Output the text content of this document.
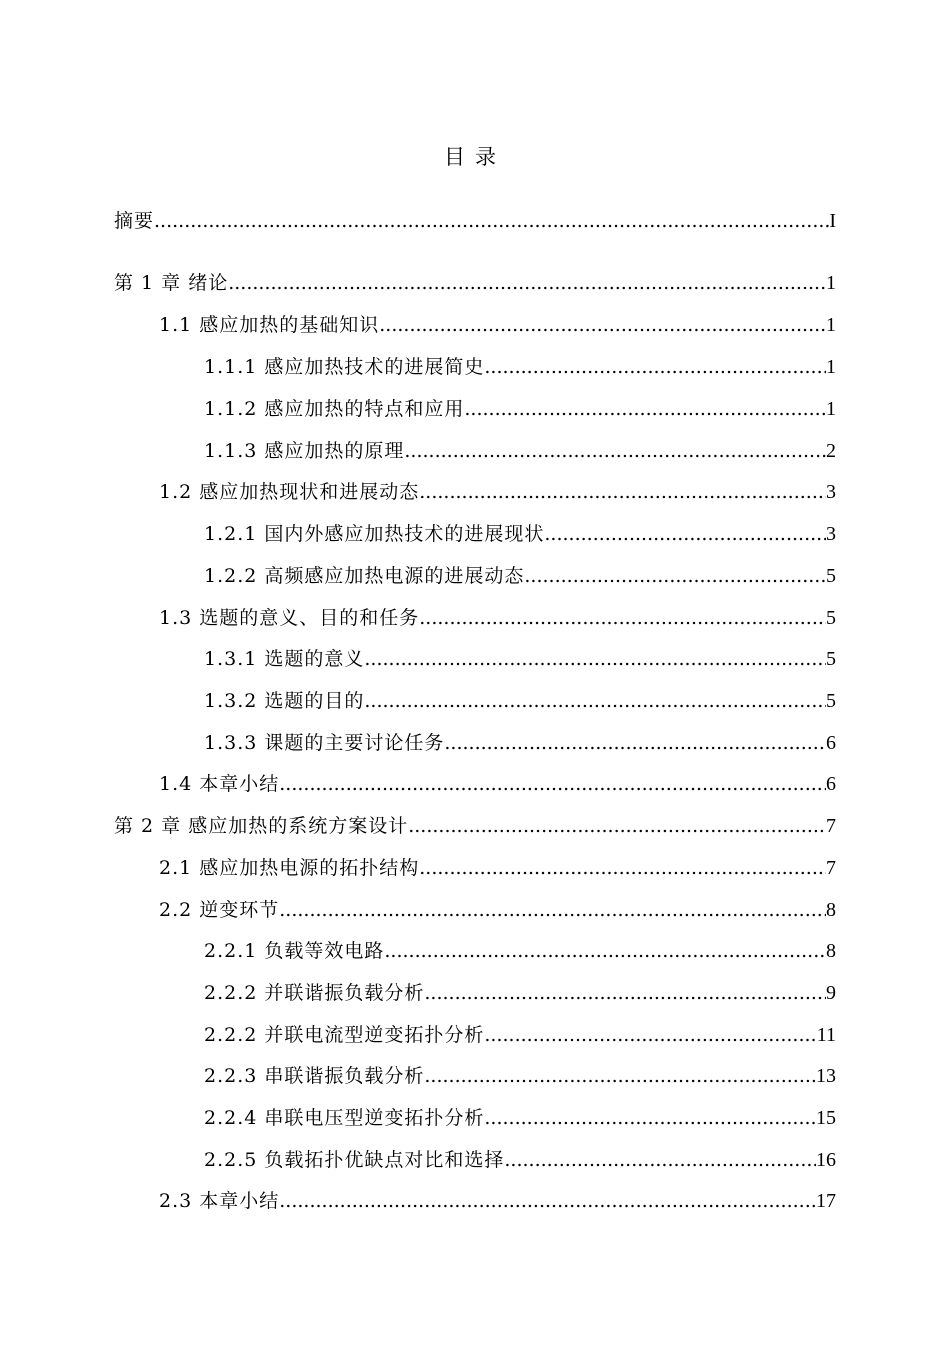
目录
摘要 .....	I
第 1 章 绪论 .....	1
1.1 感应加热的基础知识 .....	1
1.1.1 感应加热技术的进展简史 .....	1
1.1.2 感应加热的特点和应用 .....	1
1.1.3 感应加热的原理 .....	2
1.2 感应加热现状和进展动态 .....	3
1.2.1 国内外感应加热技术的进展现状 .....	3
1.2.2 高频感应加热电源的进展动态 .....	5
1.3 选题的意义、目的和任务 .....	5
1.3.1 选题的意义 .....	5
1.3.2 选题的目的 .....	5
1.3.3 课题的主要讨论任务 .....	6
1.4 本章小结 .....	6
第 2 章 感应加热的系统方案设计 .....	7
2.1 感应加热电源的拓扑结构 .....	7
2.2 逆变环节 .....	8
2.2.1 负载等效电路 .....	8
2.2.2 并联谐振负载分析 .....	9
2.2.2 并联电流型逆变拓扑分析 .....	11
2.2.3 串联谐振负载分析 .....	13
2.2.4 串联电压型逆变拓扑分析 .....	15
2.2.5 负载拓扑优缺点对比和选择 .....	16
2.3 本章小结 .....	17
